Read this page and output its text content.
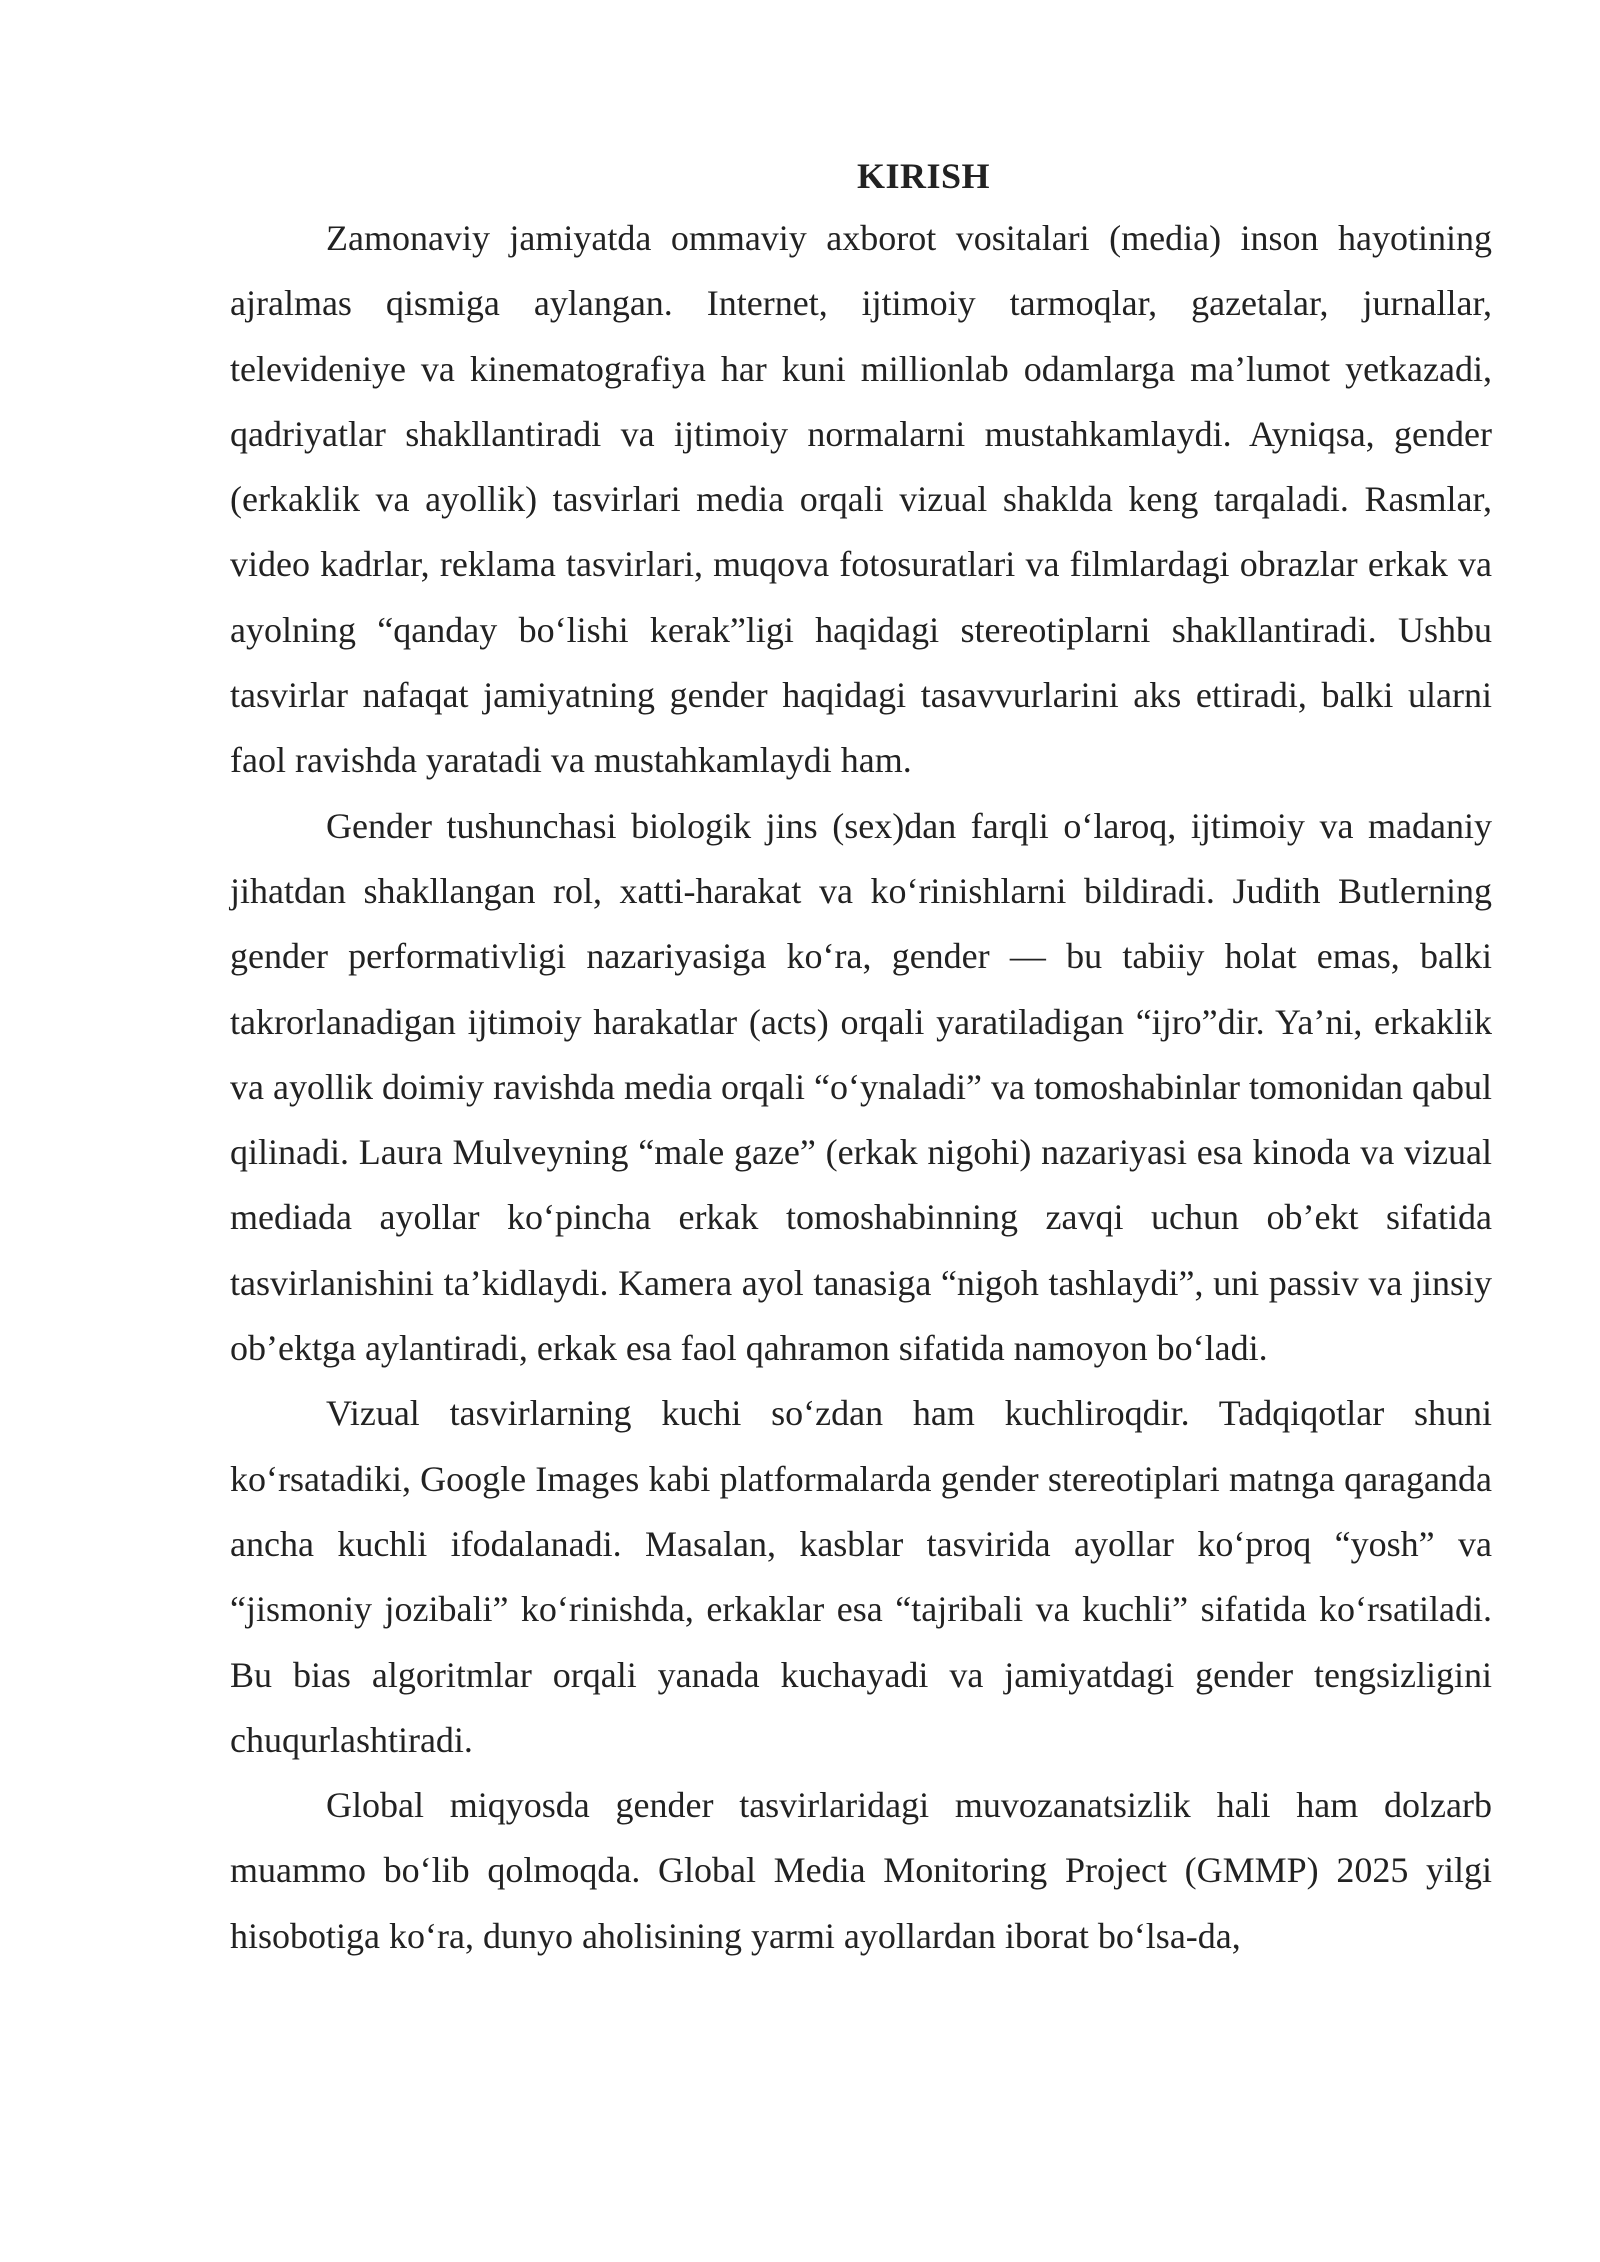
KIRISH

Zamonaviy jamiyatda ommaviy axborot vositalari (media) inson hayotining ajralmas qismiga aylangan. Internet, ijtimoiy tarmoqlar, gazetalar, jurnallar, televideniye va kinematografiya har kuni millionlab odamlarga ma’lumot yetkazadi, qadriyatlar shakllantiradi va ijtimoiy normalarni mustahkamlaydi. Ayniqsa, gender (erkaklik va ayollik) tasvirlari media orqali vizual shaklda keng tarqaladi. Rasmlar, video kadrlar, reklama tasvirlari, muqova fotosuratlari va filmlardagi obrazlar erkak va ayolning “qanday bo‘lishi kerak”ligi haqidagi stereotiplarni shakllantiradi. Ushbu tasvirlar nafaqat jamiyatning gender haqidagi tasavvurlarini aks ettiradi, balki ularni faol ravishda yaratadi va mustahkamlaydi ham.

Gender tushunchasi biologik jins (sex)dan farqli o‘laroq, ijtimoiy va madaniy jihatdan shakllangan rol, xatti-harakat va ko‘rinishlarni bildiradi. Judith Butlerning gender performativligi nazariyasiga ko‘ra, gender — bu tabiiy holat emas, balki takrorlanadigan ijtimoiy harakatlar (acts) orqali yaratiladigan “ijro”dir. Ya’ni, erkaklik va ayollik doimiy ravishda media orqali “o‘ynaladi” va tomoshabinlar tomonidan qabul qilinadi. Laura Mulveyning “male gaze” (erkak nigohi) nazariyasi esa kinoda va vizual mediada ayollar ko‘pincha erkak tomoshabinning zavqi uchun ob’ekt sifatida tasvirlanishini ta’kidlaydi. Kamera ayol tanasiga “nigoh tashlaydi”, uni passiv va jinsiy ob’ektga aylantiradi, erkak esa faol qahramon sifatida namoyon bo‘ladi.

Vizual tasvirlarning kuchi so‘zdan ham kuchliroqdir. Tadqiqotlar shuni ko‘rsatadiki, Google Images kabi platformalarda gender stereotiplari matnga qaraganda ancha kuchli ifodalanadi. Masalan, kasblar tasvirida ayollar ko‘proq “yosh” va “jismoniy jozibali” ko‘rinishda, erkaklar esa “tajribali va kuchli” sifatida ko‘rsatiladi. Bu bias algoritmlar orqali yanada kuchayadi va jamiyatdagi gender tengsizligini chuqurlashtiradi.

Global miqyosda gender tasvirlaridagi muvozanatsizlik hali ham dolzarb muammo bo‘lib qolmoqda. Global Media Monitoring Project (GMMP) 2025 yilgi hisobotiga ko‘ra, dunyo aholisining yarmi ayollardan iborat bo‘lsa-da,
